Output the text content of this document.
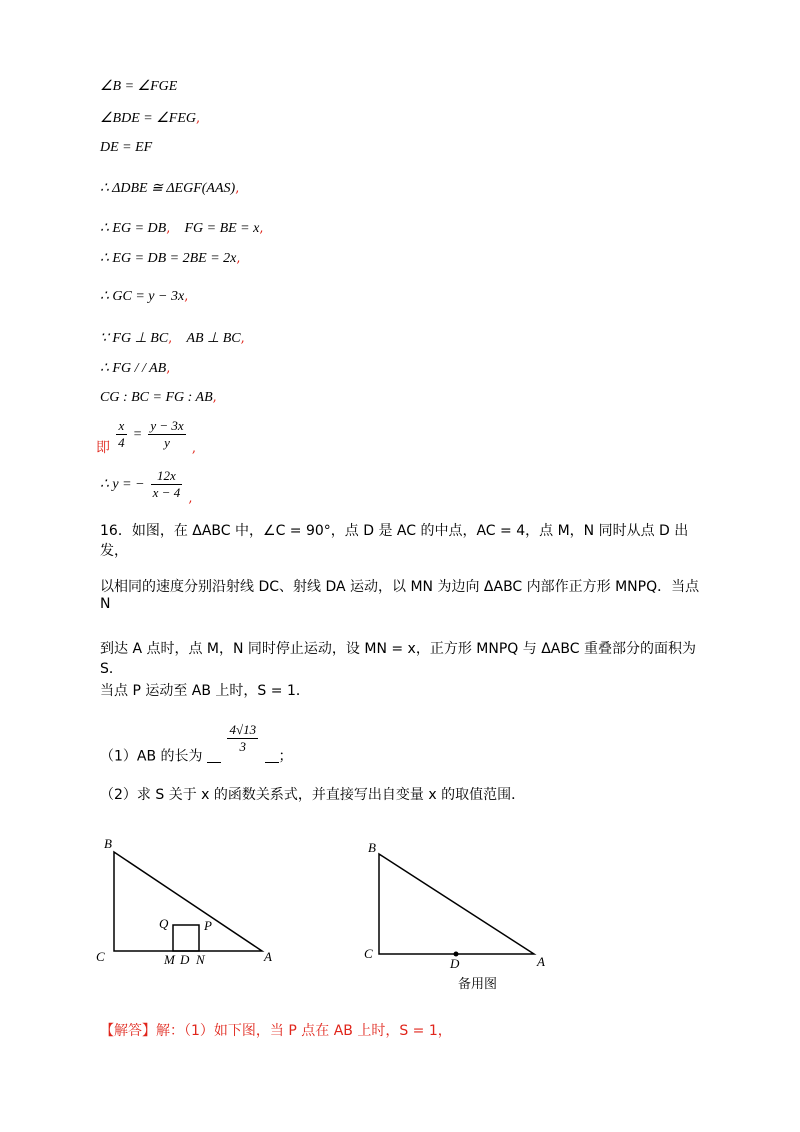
∠B = ∠FGE
∠BDE = ∠FEG,
DE = EF
∴ ΔDBE ≅ ΔEGF(AAS),
∴ EG = DB, FG = BE = x,
∴ EG = DB = 2BE = 2x,
∴ GC = y − 3x,
∵ FG ⊥ BC, AB ⊥ BC,
∴ FG / / AB,
CG : BC = FG : AB,
即 $\frac{x}{4} = \frac{y - 3x}{y}$ ,
∴ y = − $\frac{12x}{x - 4}$ ,
16．如图，在 ΔABC 中，∠C = 90°，点 D 是 AC 的中点，AC = 4，点 M，N 同时从点 D 出发，
以相同的速度分别沿射线 DC、射线 DA 运动，以 MN 为边向 ΔABC 内部作正方形 MNPQ．当点 N
到达 A 点时，点 M，N 同时停止运动，设 MN = x，正方形 MNPQ 与 ΔABC 重叠部分的面积为 S．
当点 P 运动至 AB 上时，S = 1．
（1）AB 的长为
$\frac{4√13}{3}$
；
（2）求 S 关于 x 的函数关系式，并直接写出自变量 x 的取值范围．
B
C	A
Q	P
M D N
B
C
A
D
备用图
【解答】解：（1）如下图，当 P 点在 AB 上时，S = 1，
